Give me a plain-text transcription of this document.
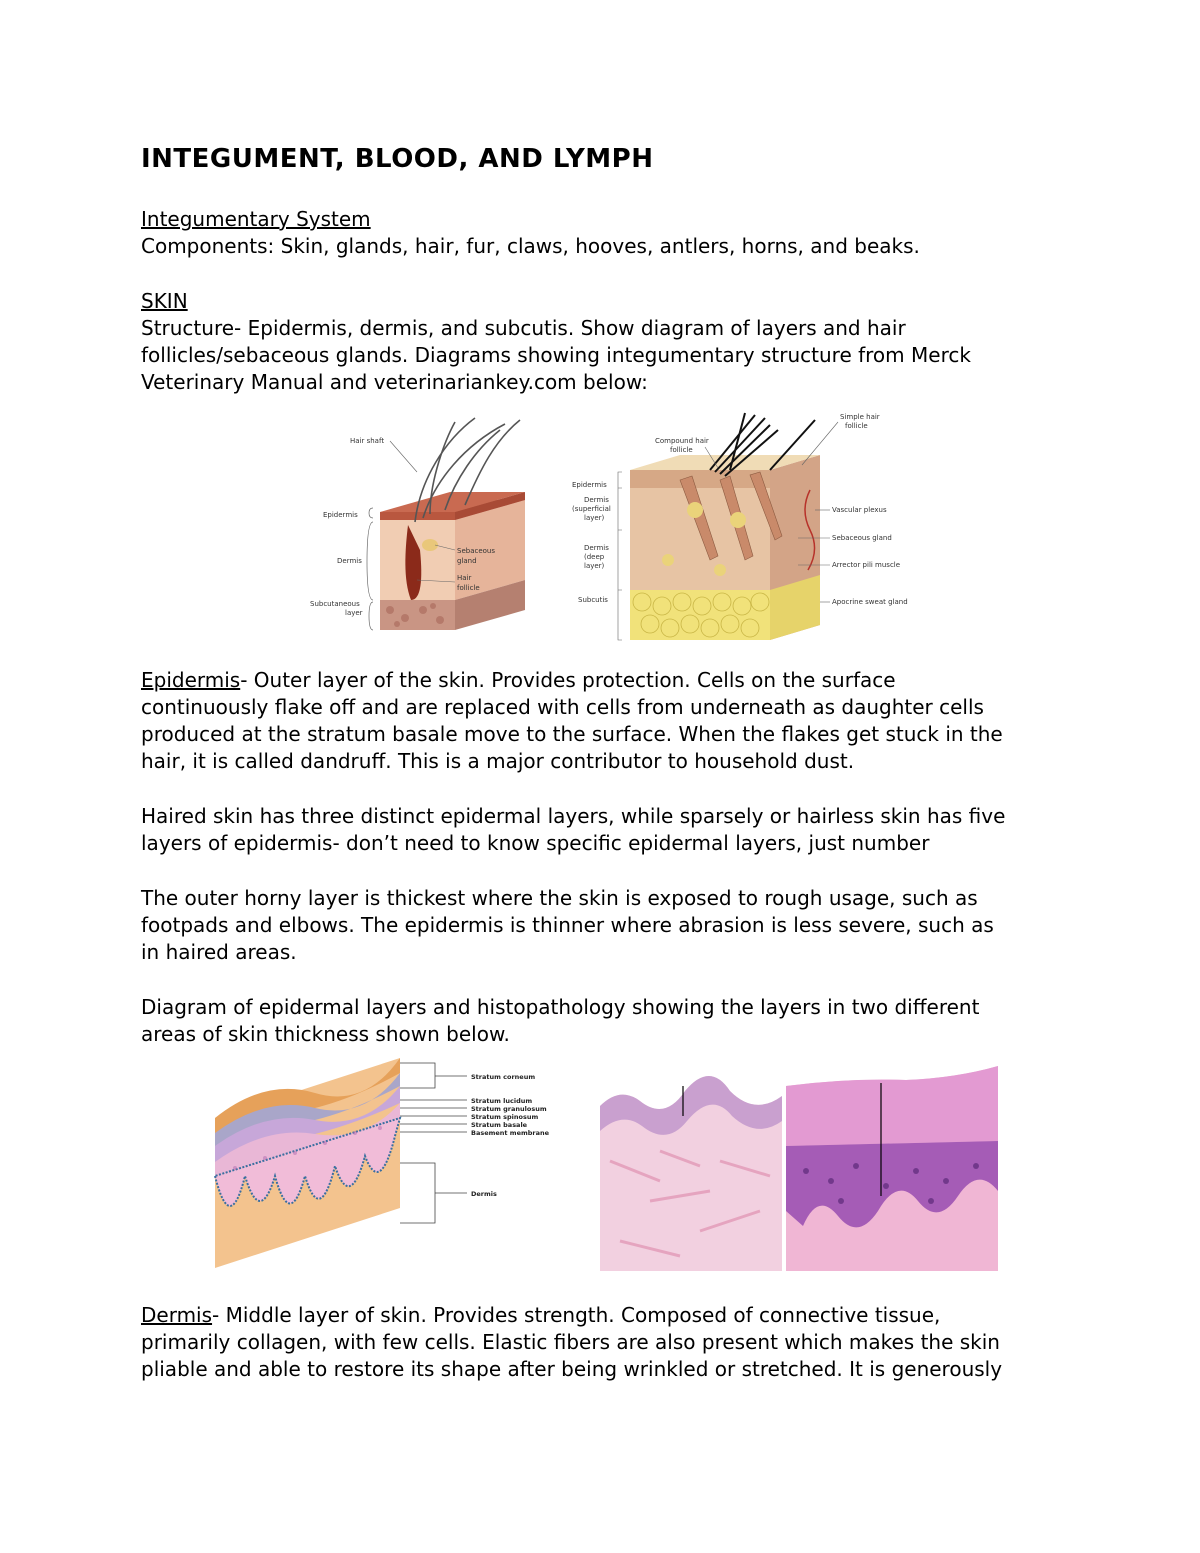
INTEGUMENT, BLOOD, AND LYMPH
Integumentary System
Components: Skin, glands, hair, fur, claws, hooves, antlers, horns, and beaks.
SKIN
Structure- Epidermis, dermis, and subcutis. Show diagram of layers and hair
follicles/sebaceous glands. Diagrams showing integumentary structure from Merck
Veterinary Manual and veterinariankey.com below:
Hair shaft
Epidermis
Dermis
Subcutaneous
layer
Sebaceous
gland
Hair
follicle
Epidermis
Dermis
(superficial
layer)
Dermis
(deep
layer)
Subcutis
Compound hair
follicle
Simple hair
follicle
Vascular plexus
Sebaceous gland
Arrector pili muscle
Apocrine sweat gland
Epidermis- Outer layer of the skin. Provides protection. Cells on the surface
continuously flake off and are replaced with cells from underneath as daughter cells
produced at the stratum basale move to the surface. When the flakes get stuck in the
hair, it is called dandruff. This is a major contributor to household dust.
Haired skin has three distinct epidermal layers, while sparsely or hairless skin has five
layers of epidermis- don’t need to know specific epidermal layers, just number
The outer horny layer is thickest where the skin is exposed to rough usage, such as
footpads and elbows. The epidermis is thinner where abrasion is less severe, such as
in haired areas.
Diagram of epidermal layers and histopathology showing the layers in two different
areas of skin thickness shown below.
Stratum corneum
Stratum lucidum
Stratum granulosum
Stratum spinosum
Stratum basale
Basement membrane
Dermis
Dermis- Middle layer of skin. Provides strength. Composed of connective tissue,
primarily collagen, with few cells. Elastic fibers are also present which makes the skin
pliable and able to restore its shape after being wrinkled or stretched. It is generously
